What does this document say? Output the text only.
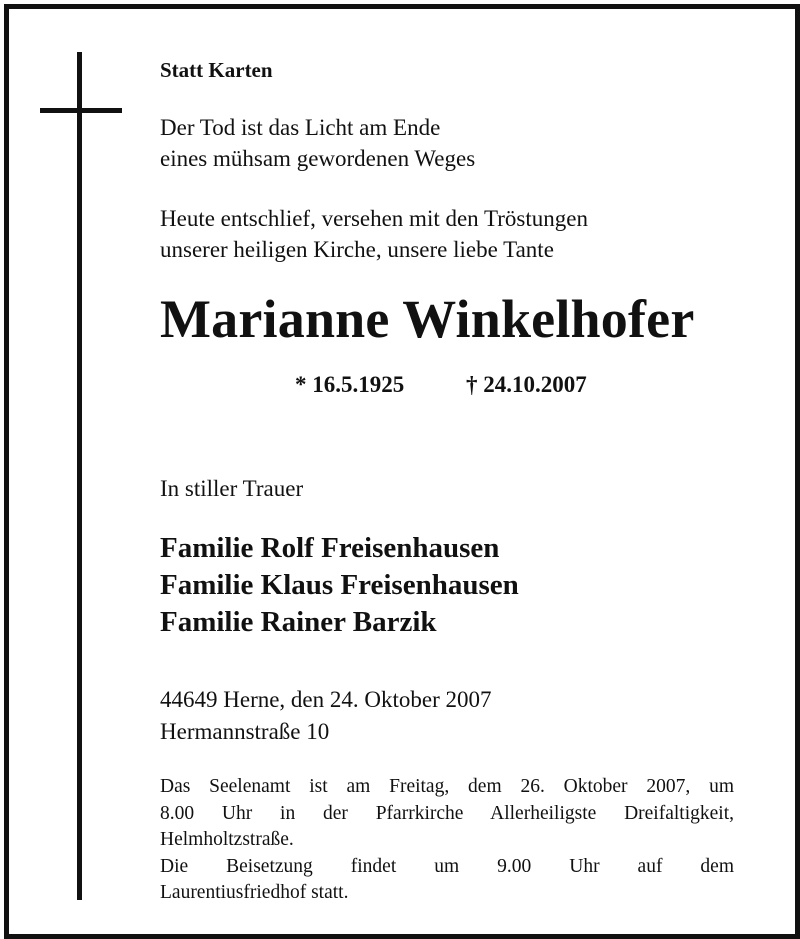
Statt Karten

Der Tod ist das Licht am Ende
eines mühsam gewordenen Weges

Heute entschlief, versehen mit den Tröstungen
unserer heiligen Kirche, unsere liebe Tante

Marianne Winkelhofer

* 16.5.1925	† 24.10.2007

In stiller Trauer

Familie Rolf Freisenhausen
Familie Klaus Freisenhausen
Familie Rainer Barzik

44649 Herne, den 24. Oktober 2007
Hermannstraße 10

Das Seelenamt ist am Freitag, dem 26. Oktober 2007, um
8.00 Uhr in der Pfarrkirche Allerheiligste Dreifaltigkeit,
Helmholtzstraße.
Die Beisetzung findet um 9.00 Uhr auf dem
Laurentiusfriedhof statt.
